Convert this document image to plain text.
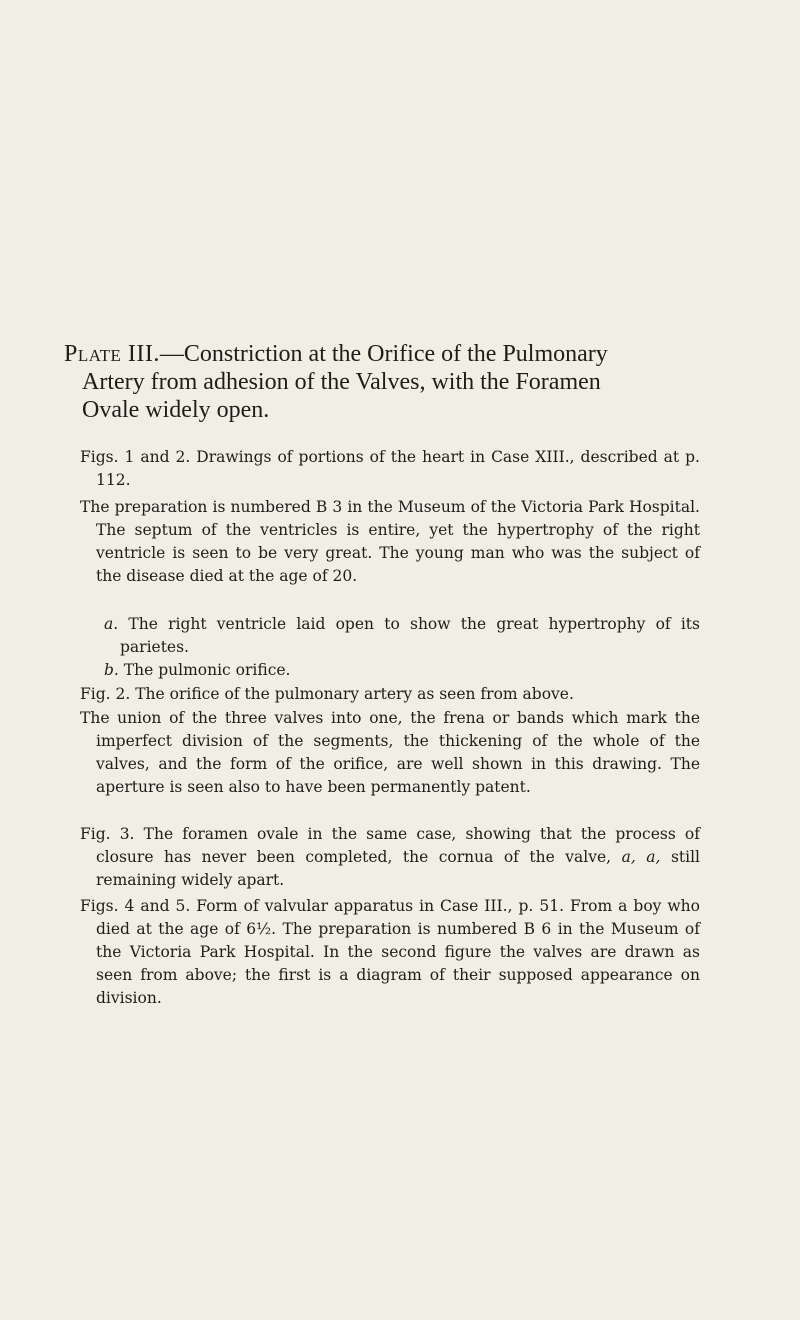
Plate III.—Constriction at the Orifice of the Pulmonary
Artery from adhesion of the Valves, with the Foramen
Ovale widely open.

Figs. 1 and 2. Drawings of portions of the heart in Case XIII., described at p. 112.

The preparation is numbered B 3 in the Museum of the Victoria Park Hospital. The septum of the ventricles is entire, yet the hypertrophy of the right ventricle is seen to be very great. The young man who was the subject of the disease died at the age of 20.

a. The right ventricle laid open to show the great hypertrophy of its parietes.

b. The pulmonic orifice.

Fig. 2. The orifice of the pulmonary artery as seen from above.

The union of the three valves into one, the frena or bands which mark the imperfect division of the segments, the thickening of the whole of the valves, and the form of the orifice, are well shown in this drawing. The aperture is seen also to have been permanently patent.

Fig. 3. The foramen ovale in the same case, showing that the process of closure has never been completed, the cornua of the valve, a, a, still remaining widely apart.

Figs. 4 and 5. Form of valvular apparatus in Case III., p. 51. From a boy who died at the age of 6½. The preparation is numbered B 6 in the Museum of the Victoria Park Hospital. In the second figure the valves are drawn as seen from above; the first is a diagram of their supposed appearance on division.
